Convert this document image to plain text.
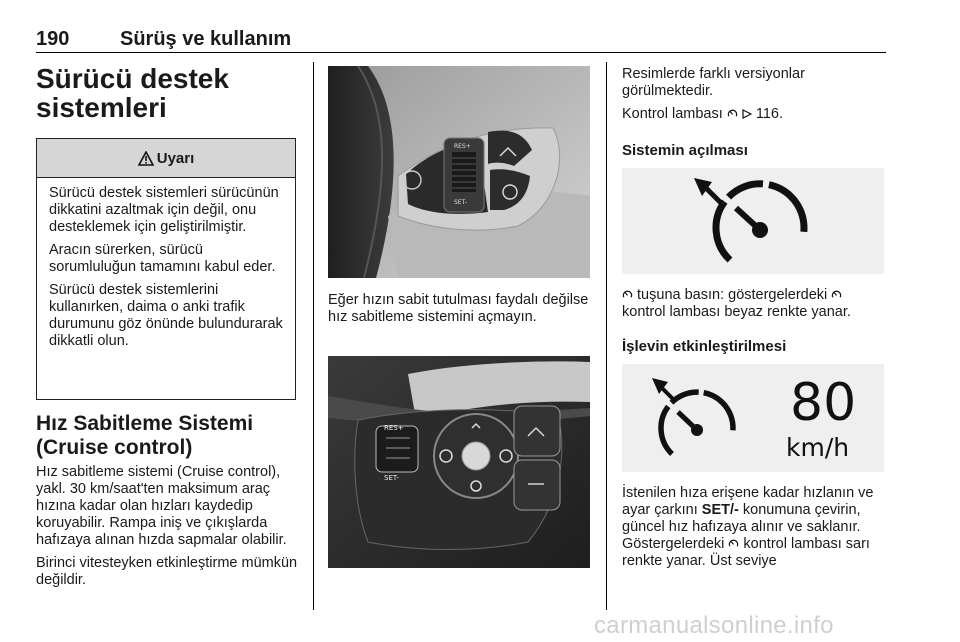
190	Sürüş ve kullanım
Sürücü destek sistemleri
Uyarı

Sürücü destek sistemleri sürücünün dikkatini azaltmak için değil, onu desteklemek için geliştirilmiştir.

Aracın sürerken, sürücü sorumluluğun tamamını kabul eder.

Sürücü destek sistemlerini kullanırken, daima o anki trafik durumunu göz önünde bulundurarak dikkatli olun.

Hız Sabitleme Sistemi (Cruise control)

Hız sabitleme sistemi (Cruise control), yakl. 30 km/saat'ten maksimum araç hızına kadar olan hızları kaydedip koruyabilir. Rampa iniş ve çıkışlarda hafızaya alınan hızda sapmalar olabilir.

Birinci vitesteyken etkinleştirme mümkün değildir.

RES+
SET-

Eğer hızın sabit tutulması faydalı değilse hız sabitleme sistemini açmayın.

RES+
SET-

Resimlerde farklı versiyonlar görülmektedir.

Kontrol lambası 116.

Sistemin açılması

tuşuna basın: göstergelerdeki  kontrol lambası beyaz renkte yanar.

İşlevin etkinleştirilmesi
80
km/h

İstenilen hıza erişene kadar hızlanın ve ayar çarkını SET/- konumuna çevirin, güncel hız hafızaya alınır ve saklanır. Göstergelerdeki kontrol lambası sarı renkte yanar. Üst seviye

carmanualsonline.info
